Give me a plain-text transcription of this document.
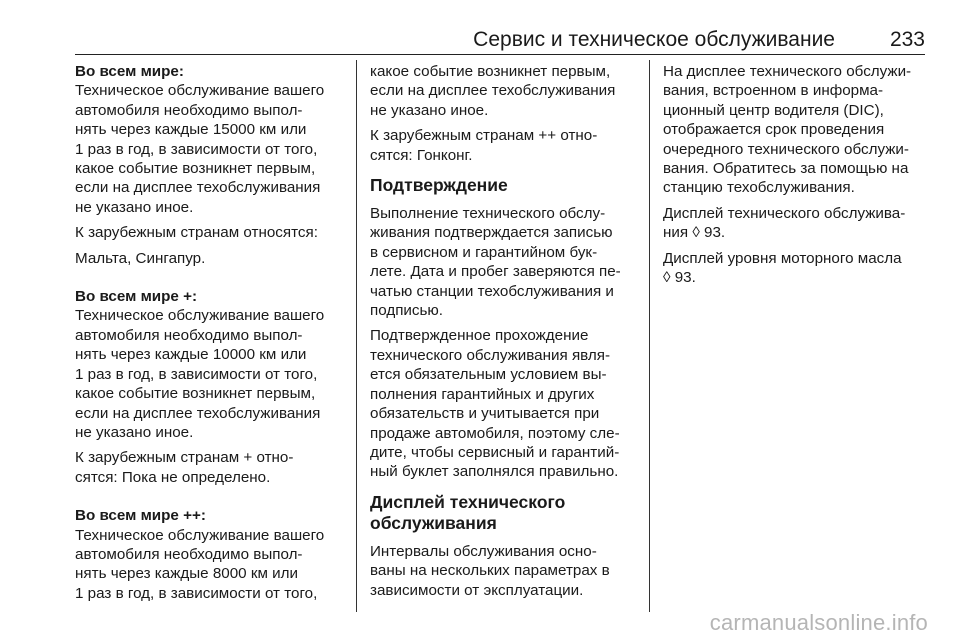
Сервис и техническое обслуживание	233
Во всем мире:
Техническое обслуживание вашего
автомобиля необходимо выпол-
нять через каждые 15000 км или
1 раз в год, в зависимости от того,
какое событие возникнет первым,
если на дисплее техобслуживания
не указано иное.
К зарубежным странам относятся:
Мальта, Сингапур.
Во всем мире +:
Техническое обслуживание вашего
автомобиля необходимо выпол-
нять через каждые 10000 км или
1 раз в год, в зависимости от того,
какое событие возникнет первым,
если на дисплее техобслуживания
не указано иное.
К зарубежным странам + отно-
сятся: Пока не определено.
Во всем мире ++:
Техническое обслуживание вашего
автомобиля необходимо выпол-
нять через каждые 8000 км или
1 раз в год, в зависимости от того,
какое событие возникнет первым,
если на дисплее техобслуживания
не указано иное.
К зарубежным странам ++ отно-
сятся: Гонконг.
Подтверждение
Выполнение технического обслу-
живания подтверждается записью
в сервисном и гарантийном бук-
лете. Дата и пробег заверяются пе-
чатью станции техобслуживания и
подписью.
Подтвержденное прохождение
технического обслуживания явля-
ется обязательным условием вы-
полнения гарантийных и других
обязательств и учитывается при
продаже автомобиля, поэтому сле-
дите, чтобы сервисный и гарантий-
ный буклет заполнялся правильно.
Дисплей технического
обслуживания
Интервалы обслуживания осно-
ваны на нескольких параметрах в
зависимости от эксплуатации.
На дисплее технического обслужи-
вания, встроенном в информа-
ционный центр водителя (DIC),
отображается срок проведения
очередного технического обслужи-
вания. Обратитесь за помощью на
станцию техобслуживания.
Дисплей технического обслужива-
ния ◊ 93.
Дисплей уровня моторного масла
◊ 93.
carmanualsonline.info
